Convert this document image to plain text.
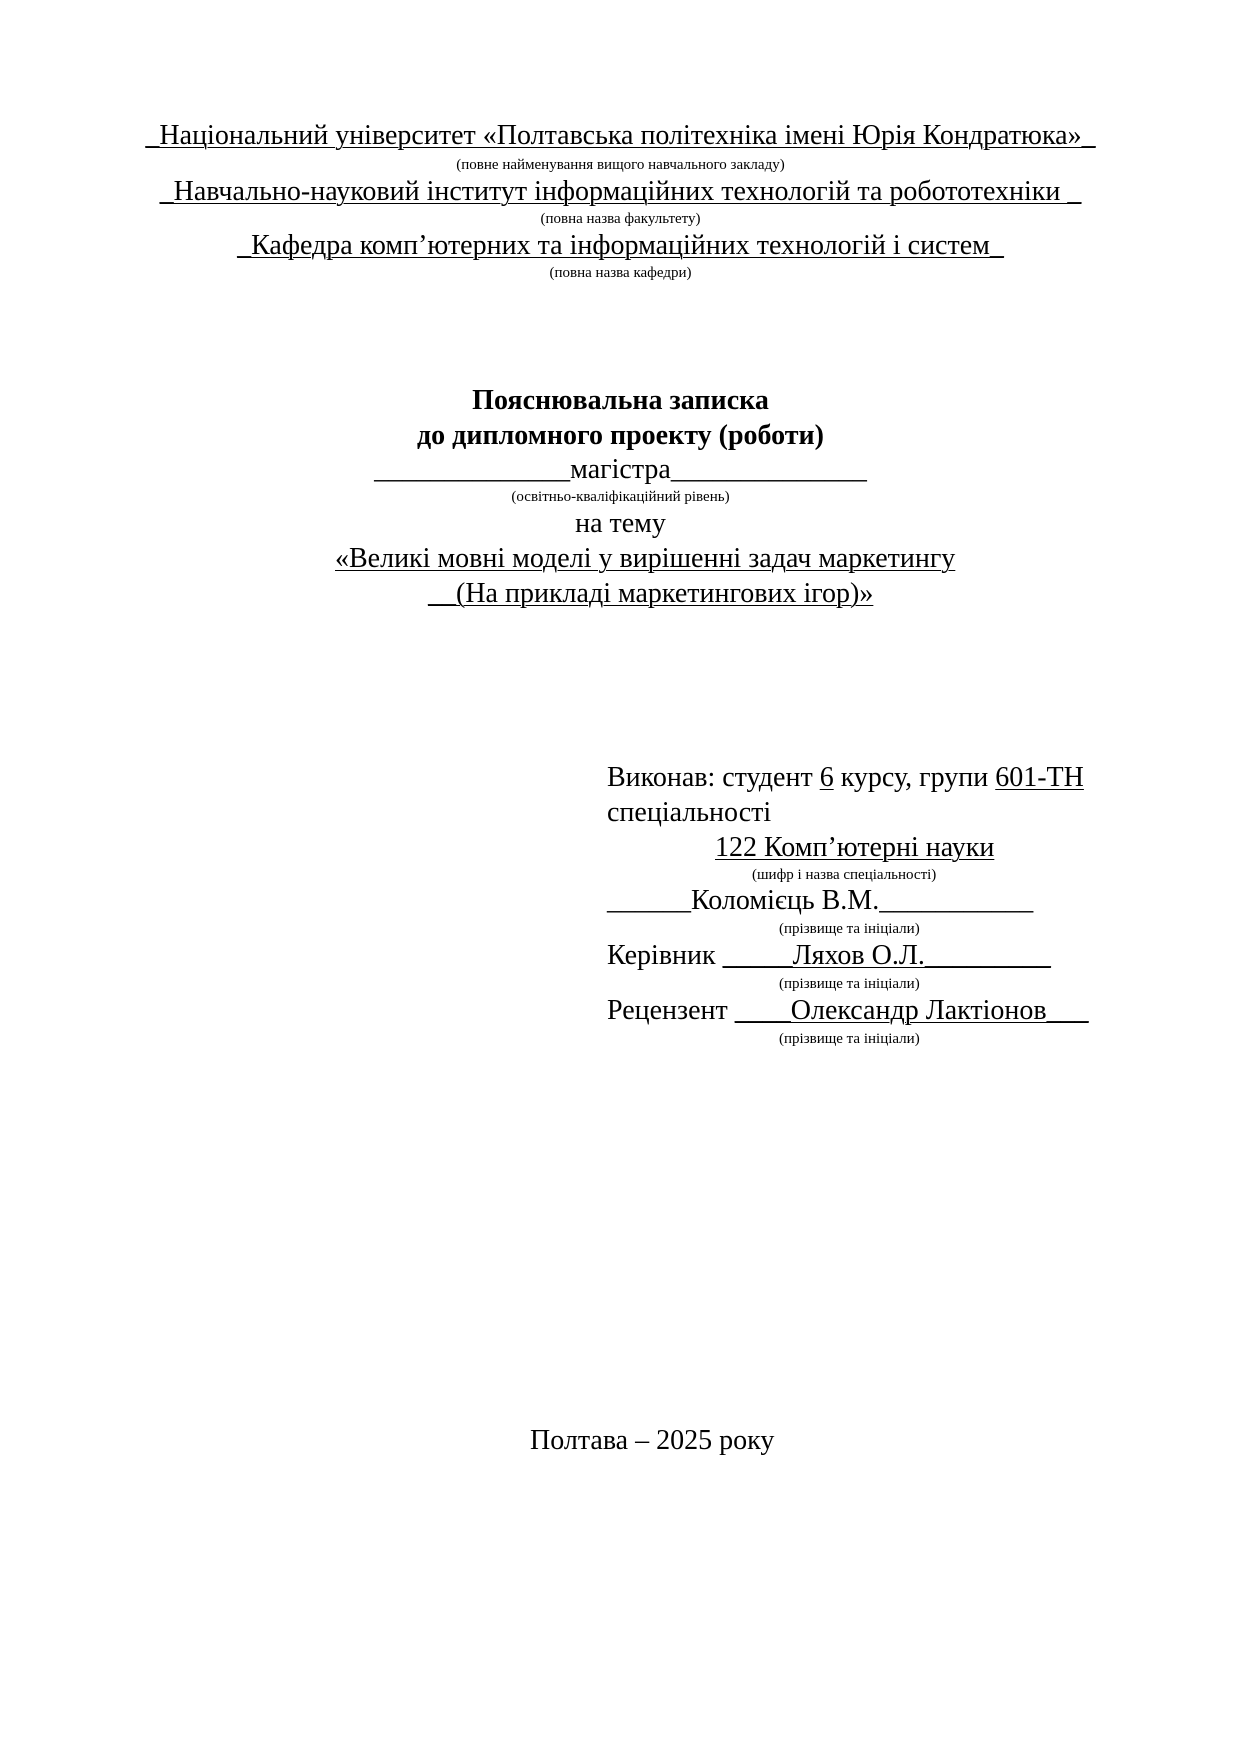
_Національний університет «Полтавська політехніка імені Юрія Кондратюка»_
(повне найменування вищого навчального закладу)
_Навчально-науковий інститут інформаційних технологій та робототехніки _
(повна назва факультету)
_Кафедра комп’ютерних та інформаційних технологій і систем_
(повна назва кафедри)
Пояснювальна записка
до дипломного проекту (роботи)
______________магістра______________
(освітньо-кваліфікаційний рівень)
на тему
«Великі мовні моделі у вирішенні задач маркетингу
__(На прикладі маркетингових ігор)»
Виконав: студент 6 курсу, групи 601-ТН
спеціальності
122 Комп’ютерні науки
(шифр і назва спеціальності)
______Коломієць В.М.___________
(прізвище та ініціали)
Керівник _____Ляхов О.Л._________
(прізвище та ініціали)
Рецензент ____Олександр Лактіонов___
(прізвище та ініціали)
Полтава – 2025 року
